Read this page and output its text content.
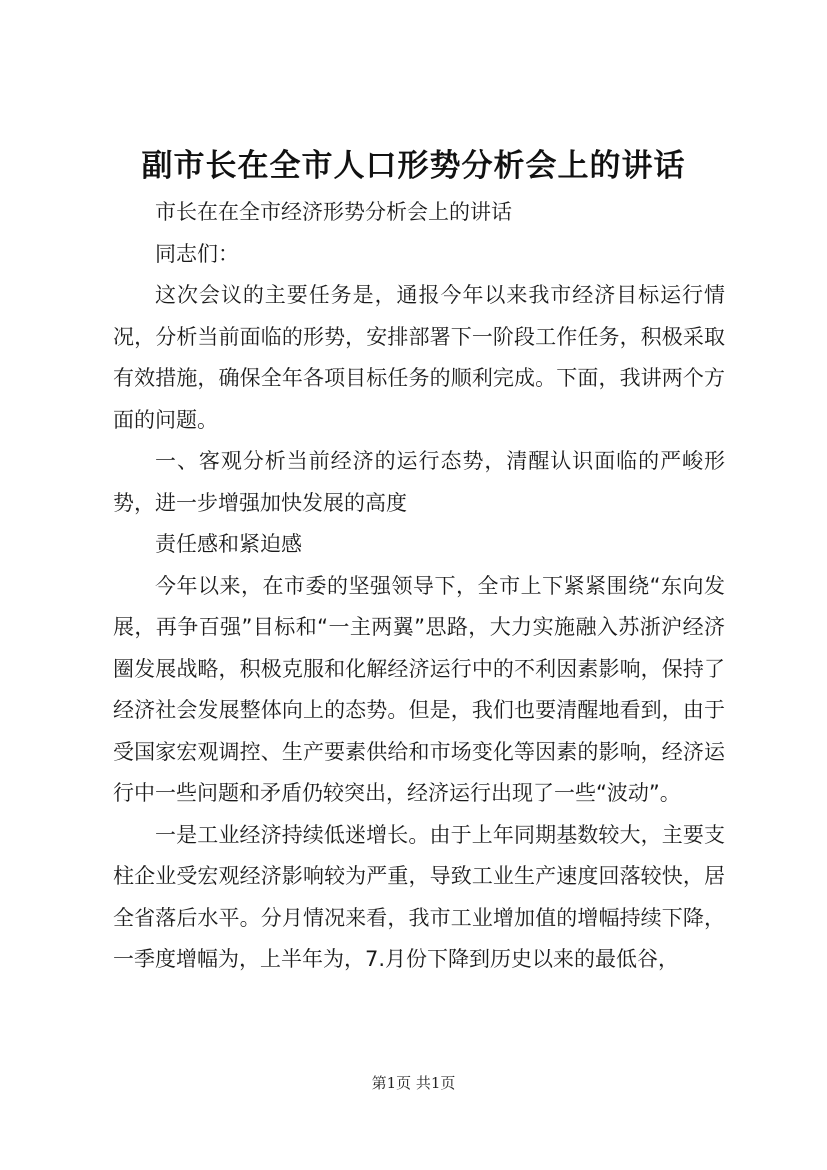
副市长在全市人口形势分析会上的讲话

市长在在全市经济形势分析会上的讲话

同志们：

这次会议的主要任务是，通报今年以来我市经济目标运行情况，分析当前面临的形势，安排部署下一阶段工作任务，积极采取有效措施，确保全年各项目标任务的顺利完成。下面，我讲两个方面的问题。

一、客观分析当前经济的运行态势，清醒认识面临的严峻形势，进一步增强加快发展的高度

责任感和紧迫感

今年以来，在市委的坚强领导下，全市上下紧紧围绕“东向发展，再争百强”目标和“一主两翼”思路，大力实施融入苏浙沪经济圈发展战略，积极克服和化解经济运行中的不利因素影响，保持了经济社会发展整体向上的态势。但是，我们也要清醒地看到，由于受国家宏观调控、生产要素供给和市场变化等因素的影响，经济运行中一些问题和矛盾仍较突出，经济运行出现了一些“波动”。

一是工业经济持续低迷增长。由于上年同期基数较大，主要支柱企业受宏观经济影响较为严重，导致工业生产速度回落较快，居全省落后水平。分月情况来看，我市工业增加值的增幅持续下降，一季度增幅为，上半年为，7.月份下降到历史以来的最低谷，

第1页 共1页
